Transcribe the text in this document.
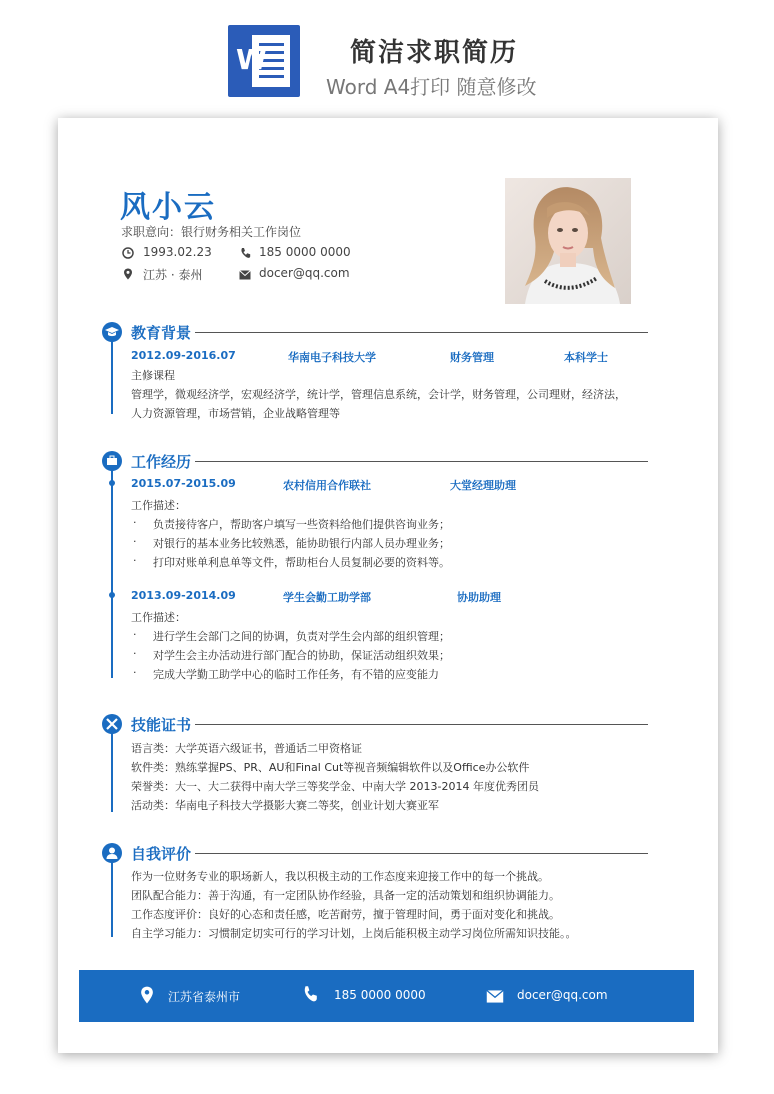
W	简洁求职简历
Word A4打印 随意修改
风小云
求职意向：银行财务相关工作岗位
1993.02.23	185 0000 0000
江苏 · 泰州	docer@qq.com
教育背景
2012.09-2016.07	华南电子科技大学	财务管理	本科学士
主修课程
管理学，微观经济学，宏观经济学，统计学，管理信息系统，会计学，财务管理，公司理财，经济法，
人力资源管理，市场营销，企业战略管理等
工作经历
2015.07-2015.09	农村信用合作联社	大堂经理助理
工作描述：
· 负责接待客户，帮助客户填写一些资料给他们提供咨询业务；
· 对银行的基本业务比较熟悉，能协助银行内部人员办理业务；
· 打印对账单利息单等文件，帮助柜台人员复制必要的资料等。
2013.09-2014.09	学生会勤工助学部	协助助理
工作描述：
· 进行学生会部门之间的协调，负责对学生会内部的组织管理；
· 对学生会主办活动进行部门配合的协助，保证活动组织效果；
· 完成大学勤工助学中心的临时工作任务，有不错的应变能力
技能证书
语言类：大学英语六级证书，普通话二甲资格证
软件类：熟练掌握PS、PR、AU和Final Cut等视音频编辑软件以及Office办公软件
荣誉类：大一、大二获得中南大学三等奖学金、中南大学 2013-2014 年度优秀团员
活动类：华南电子科技大学摄影大赛二等奖，创业计划大赛亚军
自我评价
作为一位财务专业的职场新人，我以积极主动的工作态度来迎接工作中的每一个挑战。
团队配合能力：善于沟通，有一定团队协作经验，具备一定的活动策划和组织协调能力。
工作态度评价：良好的心态和责任感，吃苦耐劳，擅于管理时间，勇于面对变化和挑战。
自主学习能力：习惯制定切实可行的学习计划，上岗后能积极主动学习岗位所需知识技能。。
江苏省泰州市	185 0000 0000	docer@qq.com
